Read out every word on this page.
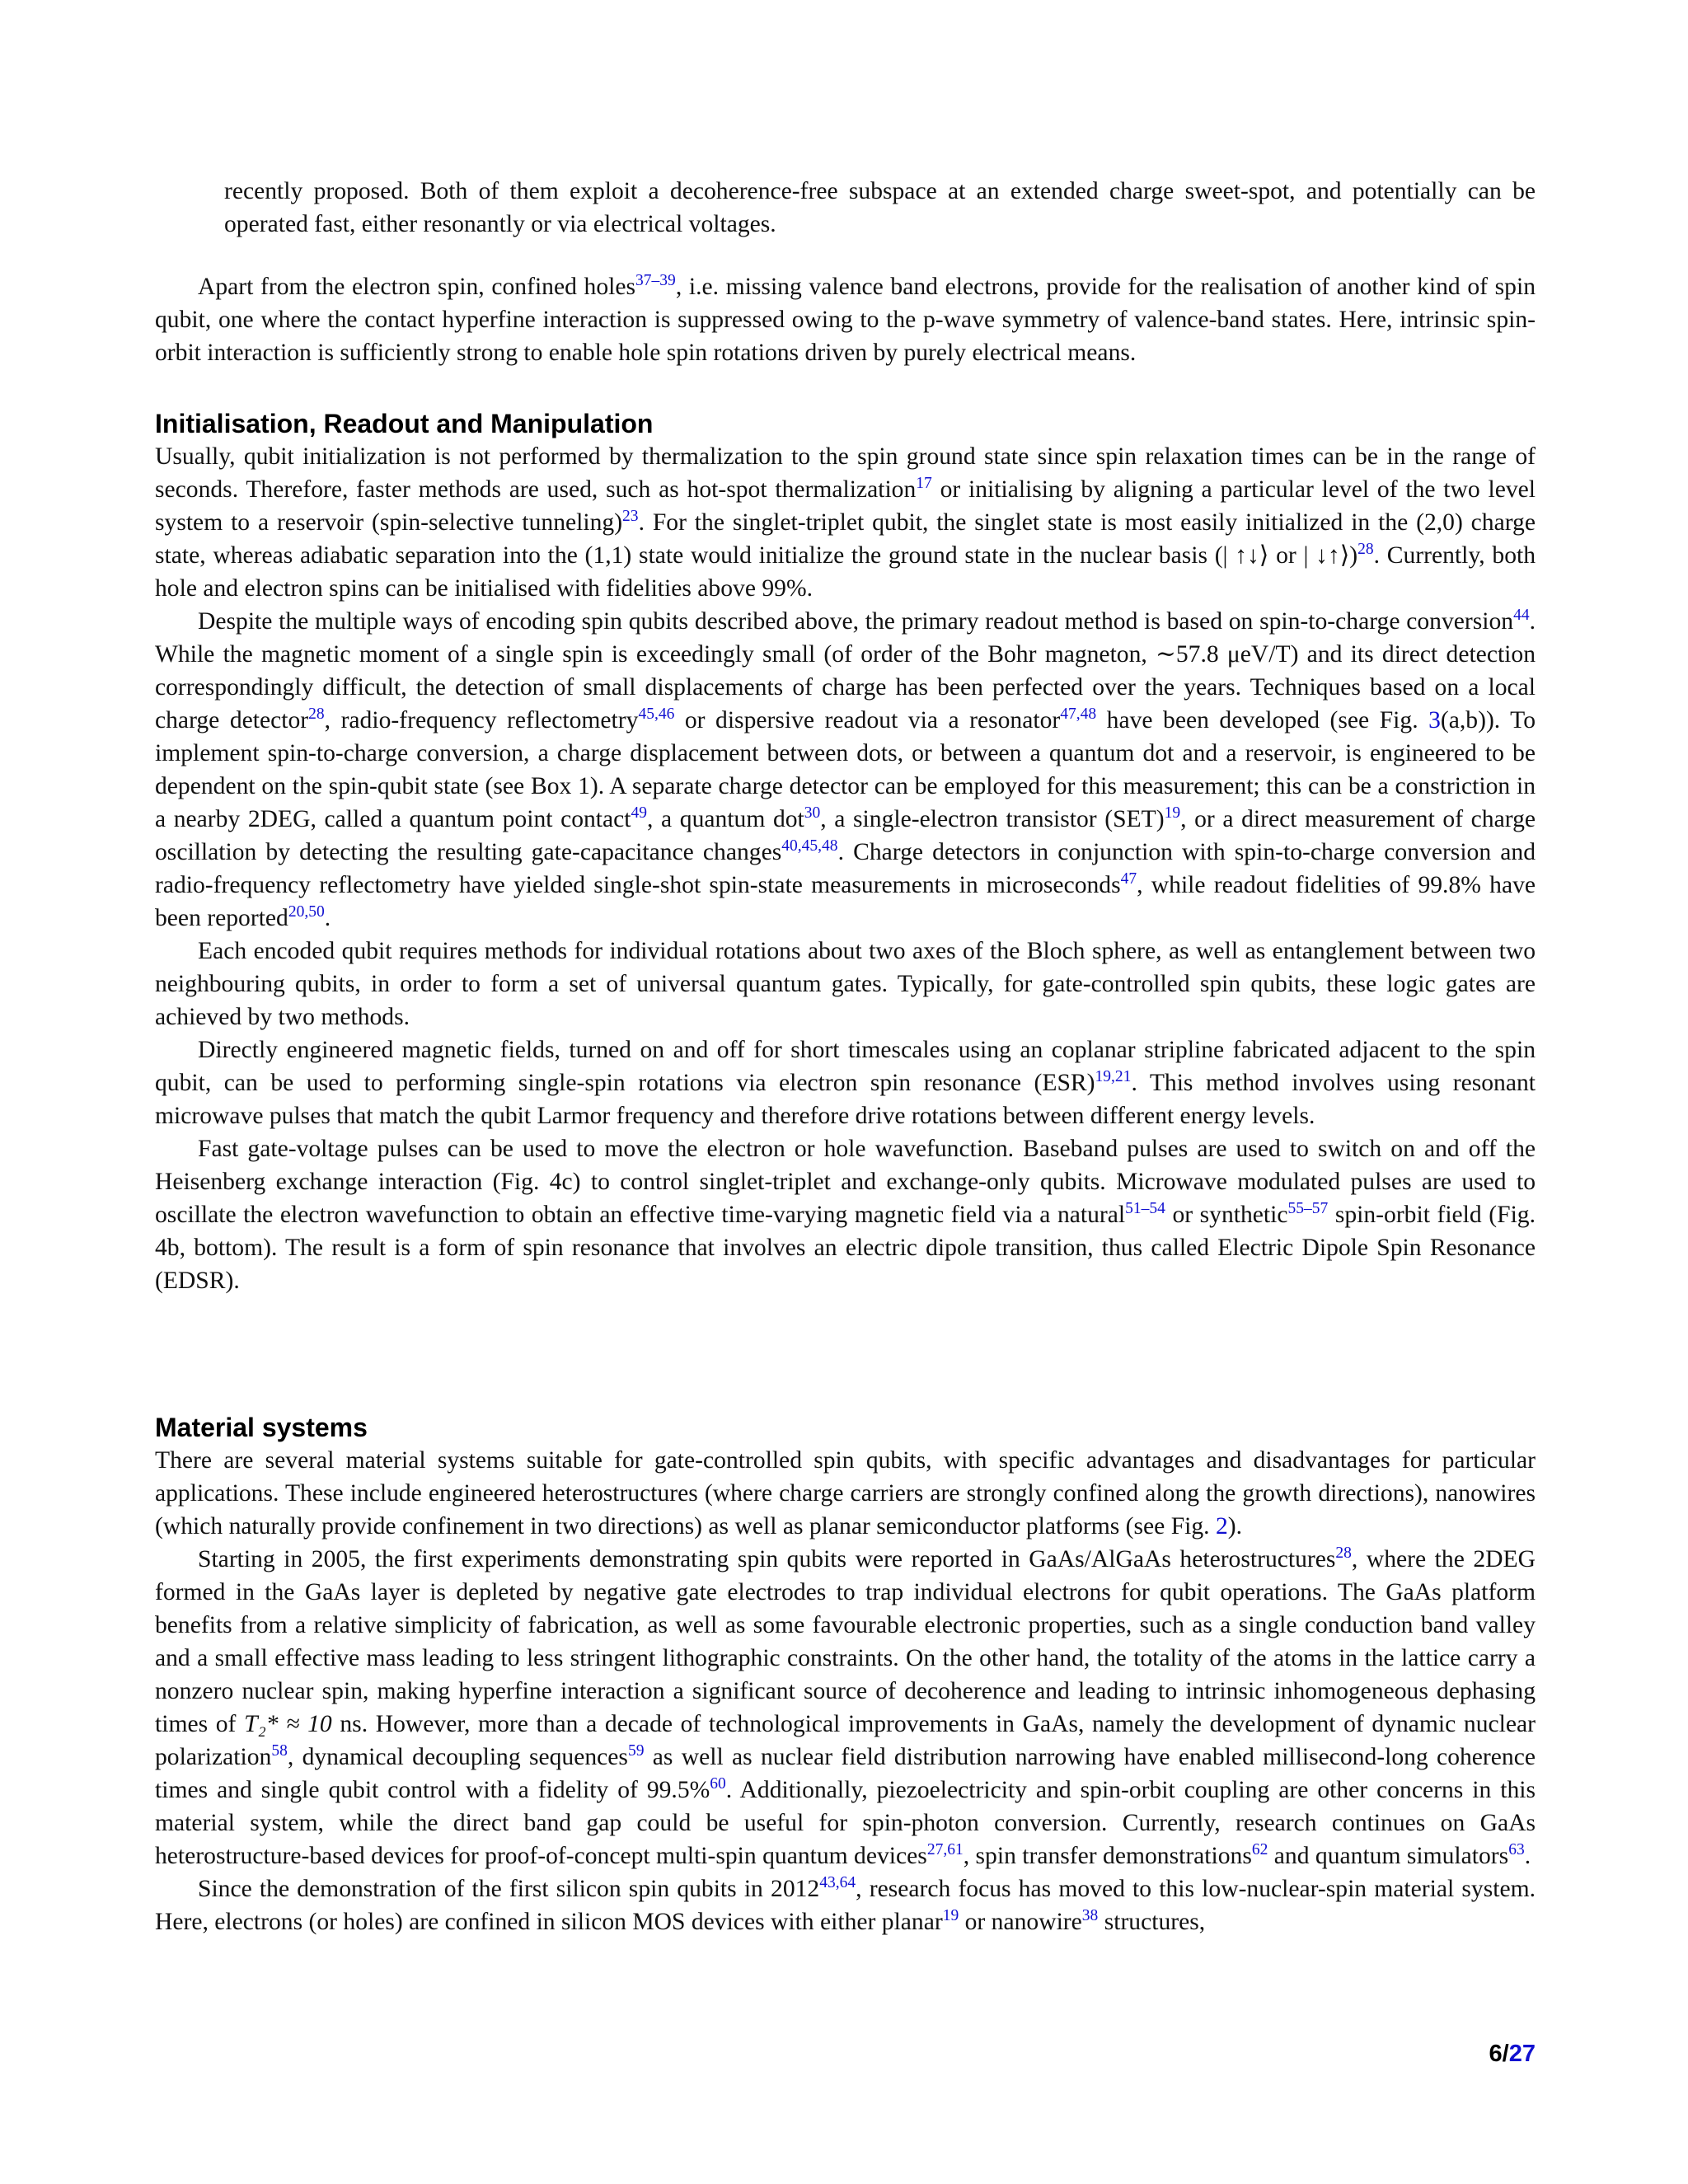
recently proposed. Both of them exploit a decoherence-free subspace at an extended charge sweet-spot, and potentially can be operated fast, either resonantly or via electrical voltages.

Apart from the electron spin, confined holes$^{37-39}$, i.e. missing valence band electrons, provide for the realisation of another kind of spin qubit, one where the contact hyperfine interaction is suppressed owing to the p-wave symmetry of valence-band states. Here, intrinsic spin-orbit interaction is sufficiently strong to enable hole spin rotations driven by purely electrical means.

Initialisation, Readout and Manipulation

Usually, qubit initialization is not performed by thermalization to the spin ground state since spin relaxation times can be in the range of seconds. Therefore, faster methods are used, such as hot-spot thermalization$^{17}$ or initialising by aligning a particular level of the two level system to a reservoir (spin-selective tunneling)$^{23}$. For the singlet-triplet qubit, the singlet state is most easily initialized in the (2,0) charge state, whereas adiabatic separation into the (1,1) state would initialize the ground state in the nuclear basis (| ↑↓⟩ or | ↓↑⟩)$^{28}$. Currently, both hole and electron spins can be initialised with fidelities above 99%.

Despite the multiple ways of encoding spin qubits described above, the primary readout method is based on spin-to-charge conversion$^{44}$. While the magnetic moment of a single spin is exceedingly small (of order of the Bohr magneton, ∼57.8 μeV/T) and its direct detection correspondingly difficult, the detection of small displacements of charge has been perfected over the years. Techniques based on a local charge detector$^{28}$, radio-frequency reflectometry$^{45,46}$ or dispersive readout via a resonator$^{47,48}$ have been developed (see Fig. 3(a,b)). To implement spin-to-charge conversion, a charge displacement between dots, or between a quantum dot and a reservoir, is engineered to be dependent on the spin-qubit state (see Box 1). A separate charge detector can be employed for this measurement; this can be a constriction in a nearby 2DEG, called a quantum point contact$^{49}$, a quantum dot$^{30}$, a single-electron transistor (SET)$^{19}$, or a direct measurement of charge oscillation by detecting the resulting gate-capacitance changes$^{40,45,48}$. Charge detectors in conjunction with spin-to-charge conversion and radio-frequency reflectometry have yielded single-shot spin-state measurements in microseconds$^{47}$, while readout fidelities of 99.8% have been reported$^{20,50}$.

Each encoded qubit requires methods for individual rotations about two axes of the Bloch sphere, as well as entanglement between two neighbouring qubits, in order to form a set of universal quantum gates. Typically, for gate-controlled spin qubits, these logic gates are achieved by two methods.

Directly engineered magnetic fields, turned on and off for short timescales using an coplanar stripline fabricated adjacent to the spin qubit, can be used to performing single-spin rotations via electron spin resonance (ESR)$^{19,21}$. This method involves using resonant microwave pulses that match the qubit Larmor frequency and therefore drive rotations between different energy levels.

Fast gate-voltage pulses can be used to move the electron or hole wavefunction. Baseband pulses are used to switch on and off the Heisenberg exchange interaction (Fig. 4c) to control singlet-triplet and exchange-only qubits. Microwave modulated pulses are used to oscillate the electron wavefunction to obtain an effective time-varying magnetic field via a natural$^{51-54}$ or synthetic$^{55-57}$ spin-orbit field (Fig. 4b, bottom). The result is a form of spin resonance that involves an electric dipole transition, thus called Electric Dipole Spin Resonance (EDSR).

Material systems

There are several material systems suitable for gate-controlled spin qubits, with specific advantages and disadvantages for particular applications. These include engineered heterostructures (where charge carriers are strongly confined along the growth directions), nanowires (which naturally provide confinement in two directions) as well as planar semiconductor platforms (see Fig. 2).

Starting in 2005, the first experiments demonstrating spin qubits were reported in GaAs/AlGaAs heterostructures$^{28}$, where the 2DEG formed in the GaAs layer is depleted by negative gate electrodes to trap individual electrons for qubit operations. The GaAs platform benefits from a relative simplicity of fabrication, as well as some favourable electronic properties, such as a single conduction band valley and a small effective mass leading to less stringent lithographic constraints. On the other hand, the totality of the atoms in the lattice carry a nonzero nuclear spin, making hyperfine interaction a significant source of decoherence and leading to intrinsic inhomogeneous dephasing times of T₂* ≈ 10 ns. However, more than a decade of technological improvements in GaAs, namely the development of dynamic nuclear polarization$^{58}$, dynamical decoupling sequences$^{59}$ as well as nuclear field distribution narrowing have enabled millisecond-long coherence times and single qubit control with a fidelity of 99.5%$^{60}$. Additionally, piezoelectricity and spin-orbit coupling are other concerns in this material system, while the direct band gap could be useful for spin-photon conversion. Currently, research continues on GaAs heterostructure-based devices for proof-of-concept multi-spin quantum devices$^{27,61}$, spin transfer demonstrations$^{62}$ and quantum simulators$^{63}$.

Since the demonstration of the first silicon spin qubits in 2012$^{43,64}$, research focus has moved to this low-nuclear-spin material system. Here, electrons (or holes) are confined in silicon MOS devices with either planar$^{19}$ or nanowire$^{38}$ structures,

6/27
